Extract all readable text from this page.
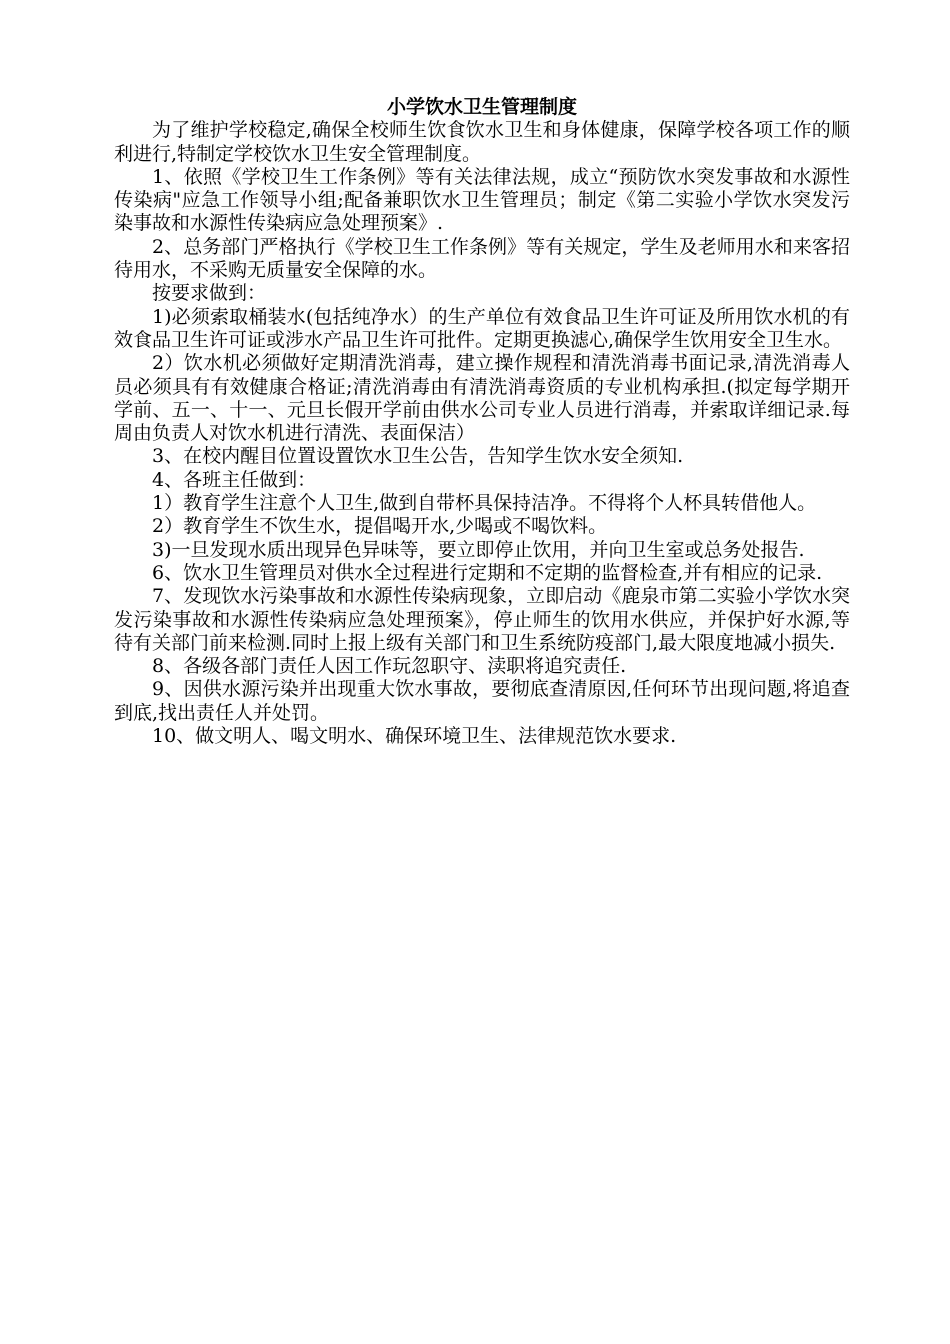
小学饮水卫生管理制度

为了维护学校稳定,确保全校师生饮食饮水卫生和身体健康，保障学校各项工作的顺利进行,特制定学校饮水卫生安全管理制度。

1、依照《学校卫生工作条例》等有关法律法规，成立“预防饮水突发事故和水源性传染病"应急工作领导小组;配备兼职饮水卫生管理员；制定《第二实验小学饮水突发污染事故和水源性传染病应急处理预案》.

2、总务部门严格执行《学校卫生工作条例》等有关规定，学生及老师用水和来客招待用水，不采购无质量安全保障的水。

按要求做到：

1)必须索取桶装水(包括纯净水）的生产单位有效食品卫生许可证及所用饮水机的有效食品卫生许可证或涉水产品卫生许可批件。定期更换滤心,确保学生饮用安全卫生水。

2）饮水机必须做好定期清洗消毒，建立操作规程和清洗消毒书面记录,清洗消毒人员必须具有有效健康合格证;清洗消毒由有清洗消毒资质的专业机构承担.(拟定每学期开学前、五一、十一、元旦长假开学前由供水公司专业人员进行消毒，并索取详细记录.每周由负责人对饮水机进行清洗、表面保洁）

3、在校内醒目位置设置饮水卫生公告，告知学生饮水安全须知.

4、各班主任做到：

1）教育学生注意个人卫生,做到自带杯具保持洁净。不得将个人杯具转借他人。

2）教育学生不饮生水，提倡喝开水,少喝或不喝饮料。

3)一旦发现水质出现异色异味等，要立即停止饮用，并向卫生室或总务处报告.

6、饮水卫生管理员对供水全过程进行定期和不定期的监督检查,并有相应的记录.

7、发现饮水污染事故和水源性传染病现象，立即启动《鹿泉市第二实验小学饮水突发污染事故和水源性传染病应急处理预案》，停止师生的饮用水供应，并保护好水源,等待有关部门前来检测.同时上报上级有关部门和卫生系统防疫部门,最大限度地减小损失.

8、各级各部门责任人因工作玩忽职守、渎职将追究责任.

9、因供水源污染并出现重大饮水事故，要彻底查清原因,任何环节出现问题,将追查到底,找出责任人并处罚。

10、做文明人、喝文明水、确保环境卫生、法律规范饮水要求.
